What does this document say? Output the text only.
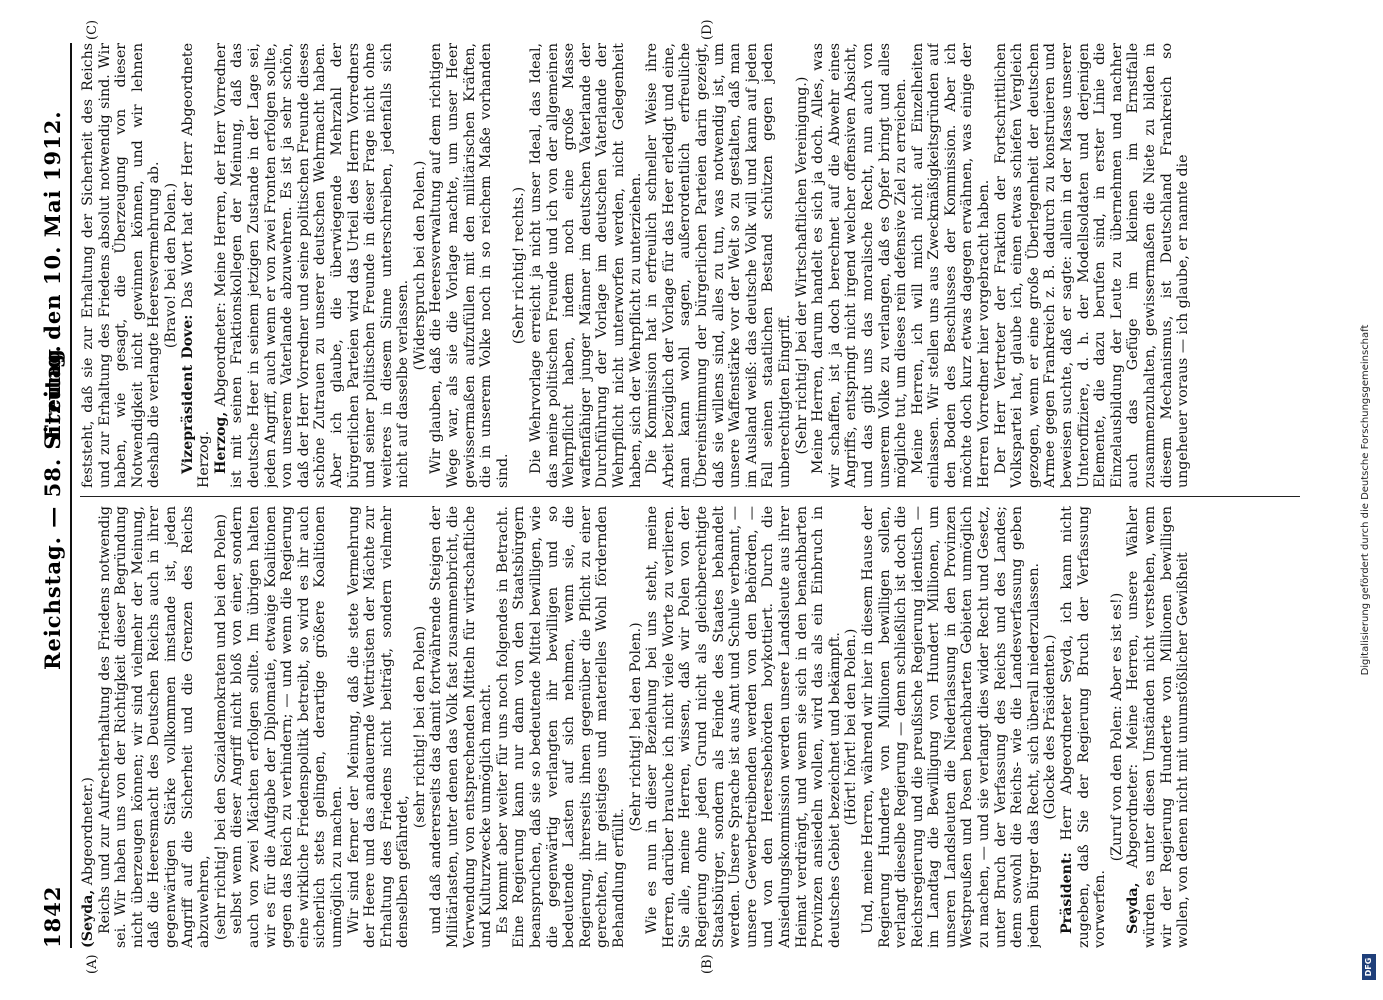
1842
Reichstag. — 58. Sitzung.
Freitag den 10. Mai 1912.
(A)	(B)
(C)	(D)

(Seyda, Abgeordneter.) Reichs und zur Aufrechterhaltung des Friedens notwendig sei. Wir haben uns von der Richtigkeit dieser Begründung nicht überzeugen können; wir sind vielmehr der Meinung, daß die Heeresmacht des Deutschen Reichs auch in ihrer gegenwärtigen Stärke vollkommen imstande ist, jeden Angriff auf die Sicherheit und die Grenzen des Reichs abzuwehren, (sehr richtig! bei den Sozialdemokraten und bei den Polen) selbst wenn dieser Angriff nicht bloß von einer, sondern auch von zwei Mächten erfolgen sollte. Im übrigen halten wir es für die Aufgabe der Diplomatie, etwaige Koalitionen gegen das Reich zu verhindern; — und wenn die Regierung eine wirkliche Friedenspolitik betreibt, so wird es ihr auch sicherlich stets gelingen, derartige größere Koalitionen unmöglich zu machen. Wir sind ferner der Meinung, daß die stete Vermehrung der Heere und das andauernde Wettrüsten der Mächte zur Erhaltung des Friedens nicht beiträgt, sondern vielmehr denselben gefährdet,

(sehr richtig! bei den Polen) und daß andererseits das damit fortwährende Steigen der Militärlasten, unter denen das Volk fast zusammenbricht, die Verwendung von entsprechenden Mitteln für wirtschaftliche und Kulturzwecke unmöglich macht. Es kommt aber weiter für uns noch folgendes in Betracht. Eine Regierung kann nur dann von den Staatsbürgern beanspruchen, daß sie so bedeutende Mittel bewilligen, wie die gegenwärtig verlangten ihr bewilligen und so bedeutende Lasten auf sich nehmen, wenn sie, die Regierung, ihrerseits ihnen gegenüber die Pflicht zu einer gerechten, ihr geistiges und materielles Wohl fördernden Behandlung erfüllt.

(Sehr richtig! bei den Polen.) Wie es nun in dieser Beziehung bei uns steht, meine Herren, darüber brauche ich nicht viele Worte zu verlieren. Sie alle, meine Herren, wissen, daß wir Polen von der Regierung ohne jeden Grund nicht als gleichberechtigte Staatsbürger, sondern als Feinde des Staates behandelt werden. Unsere Sprache ist aus Amt und Schule verbannt, — unsere Gewerbetreibenden werden von den Behörden, — und von den Heeresbehörden boykottiert. Durch die Ansiedlungskommission werden unsere Landsleute aus ihrer Heimat verdrängt, und wenn sie sich in den benachbarten Provinzen ansiedeln wollen, wird das als ein Einbruch in deutsches Gebiet bezeichnet und bekämpft. (Hört! hört! bei den Polen.) Und, meine Herren, während wir hier in diesem Hause der Regierung Hunderte von Millionen bewilligen sollen, verlangt dieselbe Regierung — denn schließlich ist doch die Reichsregierung und die preußische Regierung identisch — im Landtag die Bewilligung von Hundert Millionen, um unseren Landsleuten die Niederlassung in den Provinzen Westpreußen und Posen benachbarten Gebieten unmöglich zu machen, — und sie verlangt dies wider Recht und Gesetz, unter Bruch der Verfassung des Reichs und des Landes; denn sowohl die Reichs- wie die Landesverfassung geben jedem Bürger das Recht, sich überall niederzulassen. (Glocke des Präsidenten.)

Präsident: Herr Abgeordneter Seyda, ich kann nicht zugeben, daß Sie der Regierung Bruch der Verfassung vorwerfen.

(Zuruf von den Polen: Aber es ist es!)

Seyda, Abgeordneter: Meine Herren, unsere Wähler würden es unter diesen Umständen nicht verstehen, wenn wir der Regierung Hunderte von Millionen bewilligen wollen, von denen nicht mit unumstößlicher Gewißheit

feststeht, daß sie zur Erhaltung der Sicherheit des Reichs und zur Erhaltung des Friedens absolut notwendig sind. Wir haben, wie gesagt, die Überzeugung von dieser Notwendigkeit nicht gewinnen können, und wir lehnen deshalb die verlangte Heeresvermehrung ab. (Bravo! bei den Polen.)

Vizepräsident Dove: Das Wort hat der Herr Abgeordnete Herzog. Herzog, Abgeordneter: Meine Herren, der Herr Vorredner ist mit seinen Fraktionskollegen der Meinung, daß das deutsche Heer in seinem jetzigen Zustande in der Lage sei, jeden Angriff, auch wenn er von zwei Fronten erfolgen sollte, von unserem Vaterlande abzuwehren. Es ist ja sehr schön, daß der Herr Vorredner und seine politischen Freunde dieses schöne Zutrauen zu unserer deutschen Wehrmacht haben. Aber ich glaube, die überwiegende Mehrzahl der bürgerlichen Parteien wird das Urteil des Herrn Vorredners und seiner politischen Freunde in dieser Frage nicht ohne weiteres in diesem Sinne unterschreiben, jedenfalls sich nicht auf dasselbe verlassen.

(Widerspruch bei den Polen.) Wir glauben, daß die Heeresverwaltung auf dem richtigen Wege war, als sie die Vorlage machte, um unser Heer gewissermaßen aufzufüllen mit den militärischen Kräften, die in unserem Volke noch in so reichem Maße vorhanden sind.

(Sehr richtig! rechts.) Die Wehrvorlage erreicht ja nicht unser Ideal, das Ideal, das meine politischen Freunde und ich von der allgemeinen Wehrpflicht haben, indem noch eine große Masse waffenfähiger junger Männer im deutschen Vaterlande der Durchführung der Vorlage im deutschen Vaterlande der Wehrpflicht nicht unterworfen werden, nicht Gelegenheit haben, sich der Wehrpflicht zu unterziehen. Die Kommission hat in erfreulich schneller Weise ihre Arbeit bezüglich der Vorlage für das Heer erledigt und eine, man kann wohl sagen, außerordentlich erfreuliche Übereinstimmung der bürgerlichen Parteien darin gezeigt, daß sie willens sind, alles zu tun, was notwendig ist, um unsere Waffenstärke vor der Welt so zu gestalten, daß man im Ausland weiß: das deutsche Volk will und kann auf jeden Fall seinen staatlichen Bestand schützen gegen jeden unberechtigten Eingriff. (Sehr richtig! bei der Wirtschaftlichen Vereinigung.) Meine Herren, darum handelt es sich ja doch. Alles, was wir schaffen, ist ja doch berechnet auf die Abwehr eines Angriffs, entspringt nicht irgend welcher offensiven Absicht, und das gibt uns das moralische Recht, nun auch von unserem Volke zu verlangen, daß es Opfer bringt und alles mögliche tut, um dieses rein defensive Ziel zu erreichen. Meine Herren, ich will mich nicht auf Einzelheiten einlassen. Wir stellen uns aus Zweckmäßigkeitsgründen auf den Boden des Beschlusses der Kommission. Aber ich möchte doch kurz etwas dagegen erwähnen, was einige der Herren Vorredner hier vorgebracht haben. Der Herr Vertreter der Fraktion der Fortschrittlichen Volkspartei hat, glaube ich, einen etwas schiefen Vergleich gezogen, wenn er eine große Überlegenheit der deutschen Armee gegen Frankreich z. B. dadurch zu konstruieren und beweisen suchte, daß er sagte: allein in der Masse unserer Unteroffiziere, d. h. der Modellsoldaten und derjenigen Elemente, die dazu berufen sind, in erster Linie die Einzelausbildung der Leute zu übernehmen und nachher auch das Gefüge im kleinen im Ernstfalle zusammenzuhalten, gewissermaßen die Niete zu bilden in diesem Mechanismus, ist Deutschland Frankreich so ungeheuer voraus — ich glaube, er nannte die

DFG
Digitalisierung gefördert durch die Deutsche Forschungsgemeinschaft
